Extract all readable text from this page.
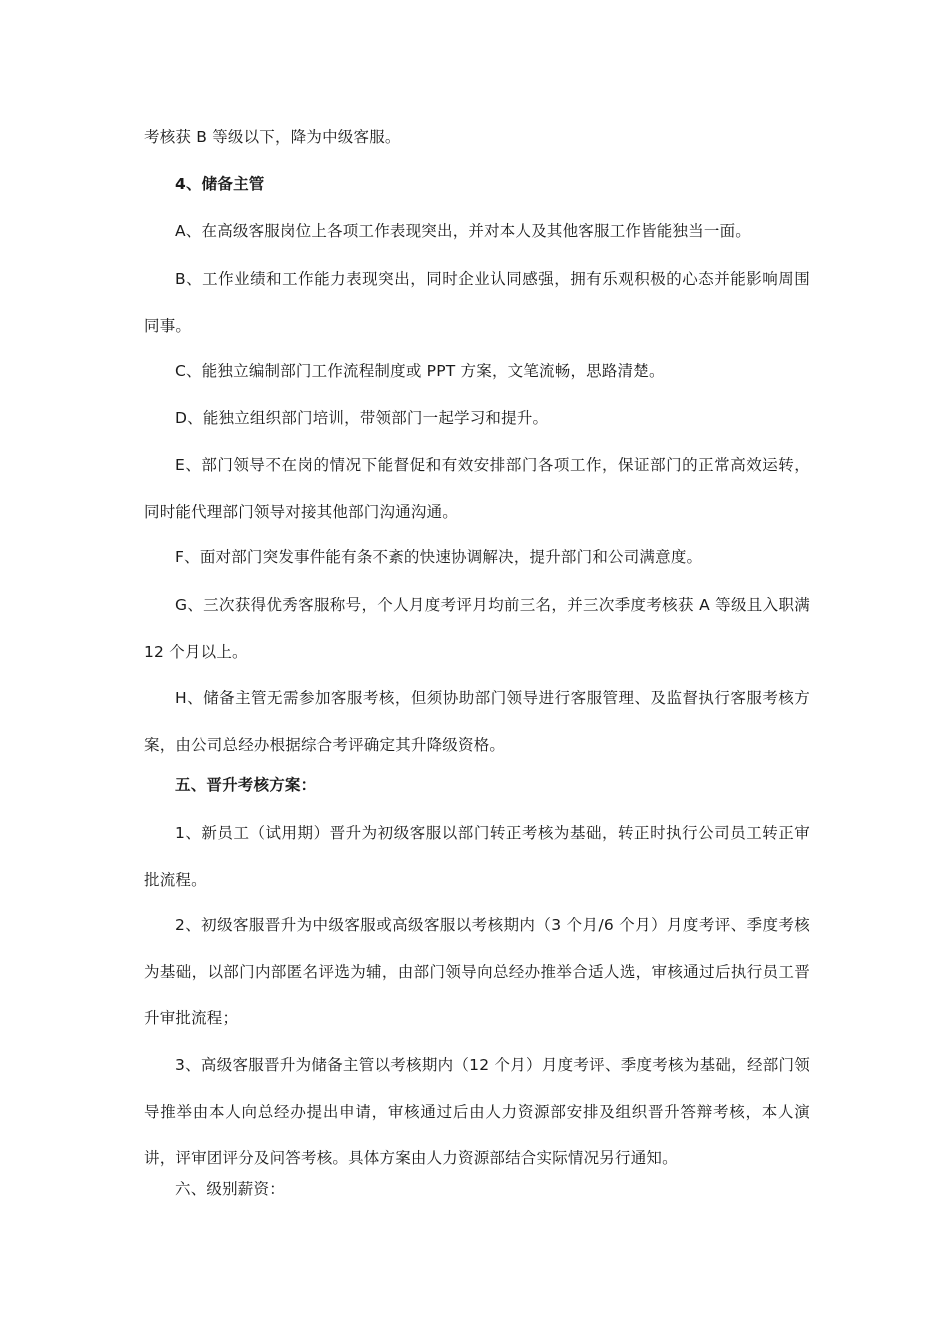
考核获 B 等级以下，降为中级客服。

4、储备主管

A、在高级客服岗位上各项工作表现突出，并对本人及其他客服工作皆能独当一面。

B、工作业绩和工作能力表现突出，同时企业认同感强，拥有乐观积极的心态并能影响周围同事。

C、能独立编制部门工作流程制度或 PPT 方案，文笔流畅，思路清楚。

D、能独立组织部门培训，带领部门一起学习和提升。

E、部门领导不在岗的情况下能督促和有效安排部门各项工作，保证部门的正常高效运转，同时能代理部门领导对接其他部门沟通沟通。

F、面对部门突发事件能有条不紊的快速协调解决，提升部门和公司满意度。

G、三次获得优秀客服称号，个人月度考评月均前三名，并三次季度考核获 A 等级且入职满 12 个月以上。

H、储备主管无需参加客服考核，但须协助部门领导进行客服管理、及监督执行客服考核方案，由公司总经办根据综合考评确定其升降级资格。

五、晋升考核方案：

1、新员工（试用期）晋升为初级客服以部门转正考核为基础，转正时执行公司员工转正审批流程。

2、初级客服晋升为中级客服或高级客服以考核期内（3 个月/6 个月）月度考评、季度考核为基础，以部门内部匿名评选为辅，由部门领导向总经办推举合适人选，审核通过后执行员工晋升审批流程；

3、高级客服晋升为储备主管以考核期内（12 个月）月度考评、季度考核为基础，经部门领导推举由本人向总经办提出申请，审核通过后由人力资源部安排及组织晋升答辩考核，本人演讲，评审团评分及问答考核。具体方案由人力资源部结合实际情况另行通知。

六、级别薪资：
